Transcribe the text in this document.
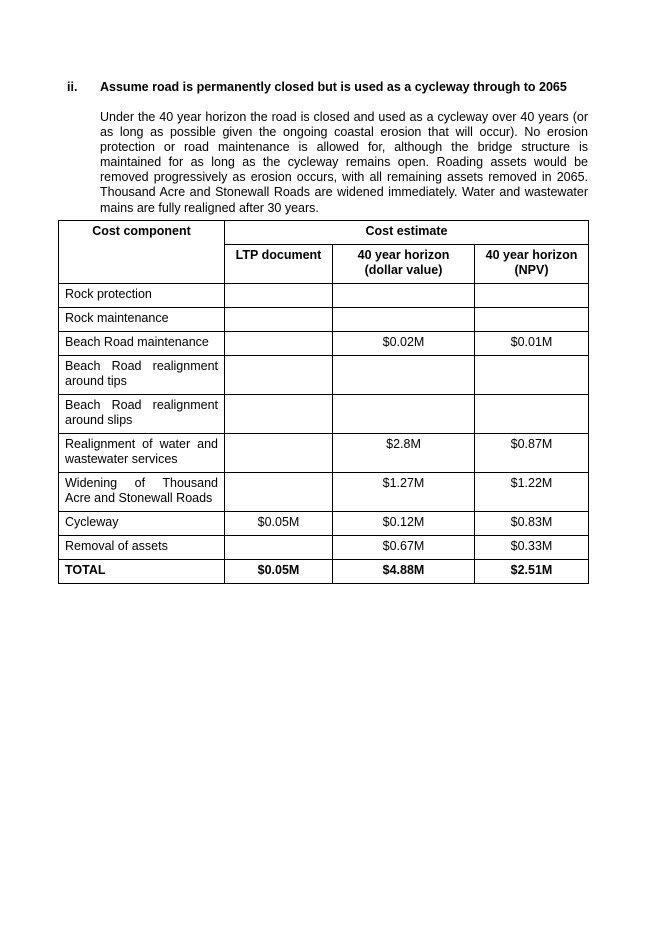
ii.	Assume road is permanently closed but is used as a cycleway through to 2065
Under the 40 year horizon the road is closed and used as a cycleway over 40 years (or as long as possible given the ongoing coastal erosion that will occur). No erosion protection or road maintenance is allowed for, although the bridge structure is maintained for as long as the cycleway remains open. Roading assets would be removed progressively as erosion occurs, with all remaining assets removed in 2065. Thousand Acre and Stonewall Roads are widened immediately. Water and wastewater mains are fully realigned after 30 years.
Cost component	Cost estimate		
	LTP document	40 year horizon (dollar value)	40 year horizon (NPV)
Rock protection			
Rock maintenance			
Beach Road maintenance		$0.02M	$0.01M
Beach Road realignment around tips			
Beach Road realignment around slips			
Realignment of water and wastewater services		$2.8M	$0.87M
Widening of Thousand Acre and Stonewall Roads		$1.27M	$1.22M
Cycleway	$0.05M	$0.12M	$0.83M
Removal of assets		$0.67M	$0.33M
TOTAL	$0.05M	$4.88M	$2.51M
